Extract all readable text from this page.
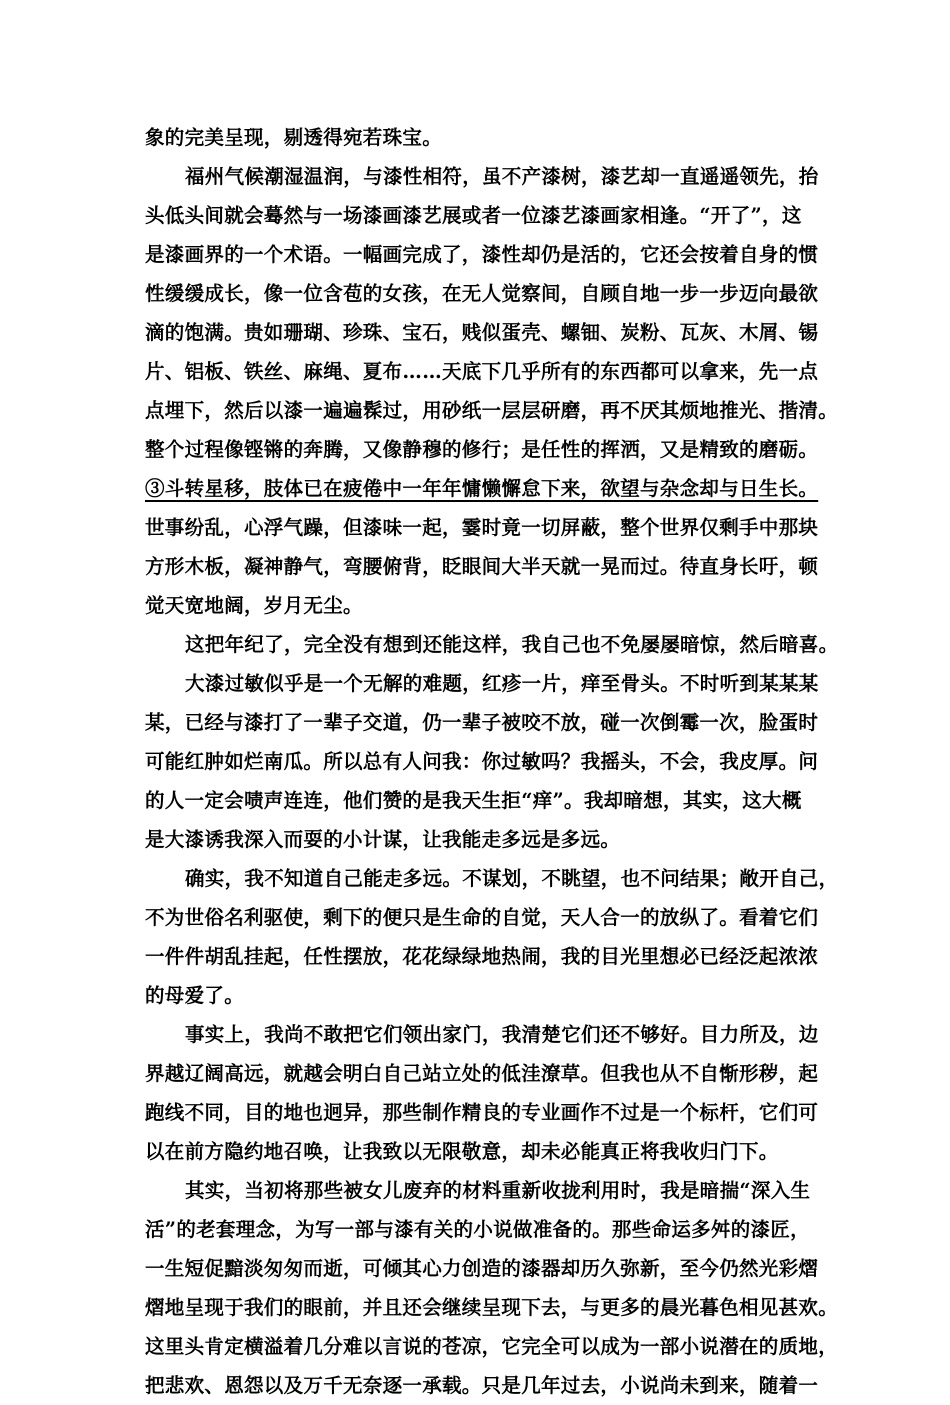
象的完美呈现，剔透得宛若珠宝。
福州气候潮湿温润，与漆性相符，虽不产漆树，漆艺却一直遥遥领先，抬
头低头间就会蓦然与一场漆画漆艺展或者一位漆艺漆画家相逢。“开了”，这
是漆画界的一个术语。一幅画完成了，漆性却仍是活的，它还会按着自身的惯
性缓缓成长，像一位含苞的女孩，在无人觉察间，自顾自地一步一步迈向最欲
滴的饱满。贵如珊瑚、珍珠、宝石，贱似蛋壳、螺钿、炭粉、瓦灰、木屑、锡
片、铝板、铁丝、麻绳、夏布……天底下几乎所有的东西都可以拿来，先一点
点埋下，然后以漆一遍遍髹过，用砂纸一层层研磨，再不厌其烦地推光、揩清。
整个过程像铿锵的奔腾，又像静穆的修行；是任性的挥洒，又是精致的磨砺。
③斗转星移，肢体已在疲倦中一年年慵懒懈怠下来，欲望与杂念却与日生长。
世事纷乱，心浮气躁，但漆味一起，霎时竟一切屏蔽，整个世界仅剩手中那块
方形木板，凝神静气，弯腰俯背，眨眼间大半天就一晃而过。待直身长吁，顿
觉天宽地阔，岁月无尘。
这把年纪了，完全没有想到还能这样，我自己也不免屡屡暗惊，然后暗喜。
大漆过敏似乎是一个无解的难题，红疹一片，痒至骨头。不时听到某某某
某，已经与漆打了一辈子交道，仍一辈子被咬不放，碰一次倒霉一次，脸蛋时
可能红肿如烂南瓜。所以总有人问我：你过敏吗？我摇头，不会，我皮厚。问
的人一定会啧声连连，他们赞的是我天生拒“痒”。我却暗想，其实，这大概
是大漆诱我深入而耍的小计谋，让我能走多远是多远。
确实，我不知道自己能走多远。不谋划，不眺望，也不问结果；敞开自己，
不为世俗名利驱使，剩下的便只是生命的自觉，天人合一的放纵了。看着它们
一件件胡乱挂起，任性摆放，花花绿绿地热闹，我的目光里想必已经泛起浓浓
的母爱了。
事实上，我尚不敢把它们领出家门，我清楚它们还不够好。目力所及，边
界越辽阔高远，就越会明白自己站立处的低洼潦草。但我也从不自惭形秽，起
跑线不同，目的地也迥异，那些制作精良的专业画作不过是一个标杆，它们可
以在前方隐约地召唤，让我致以无限敬意，却未必能真正将我收归门下。
其实，当初将那些被女儿废弃的材料重新收拢利用时，我是暗揣“深入生
活”的老套理念，为写一部与漆有关的小说做准备的。那些命运多舛的漆匠，
一生短促黯淡匆匆而逝，可倾其心力创造的漆器却历久弥新，至今仍然光彩熠
熠地呈现于我们的眼前，并且还会继续呈现下去，与更多的晨光暮色相见甚欢。
这里头肯定横溢着几分难以言说的苍凉，它完全可以成为一部小说潜在的质地，
把悲欢、恩怨以及万千无奈逐一承载。只是几年过去，小说尚未到来，随着一
